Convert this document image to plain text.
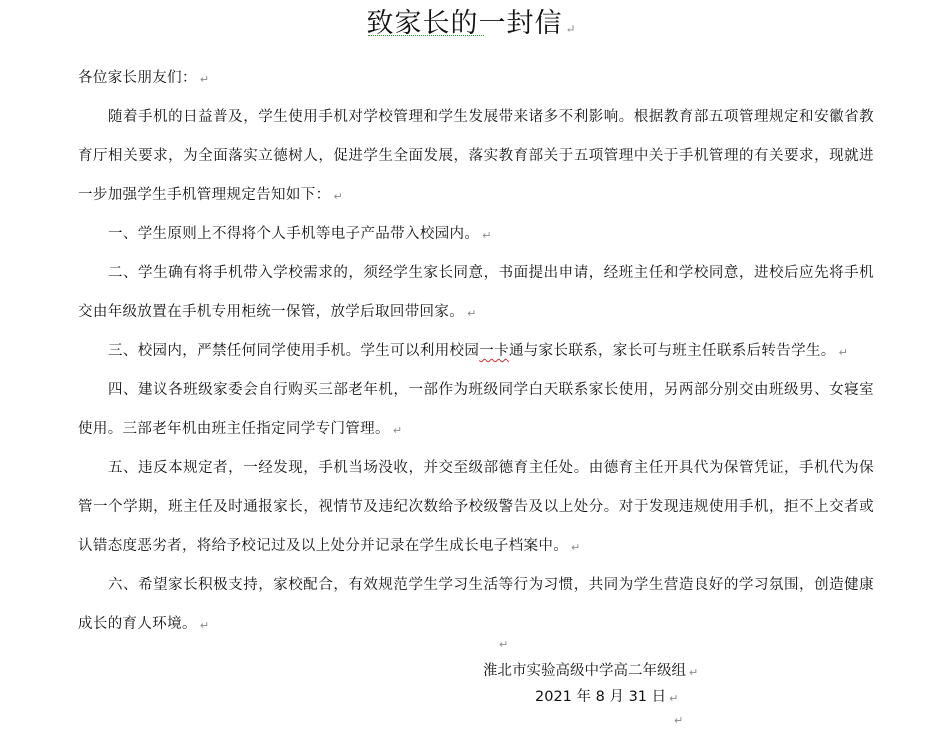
致家长的一封信 ↵

各位家长朋友们： ↵

随着手机的日益普及，学生使用手机对学校管理和学生发展带来诸多不利影响。根据教育部五项管理规定和安徽省教育厅相关要求，为全面落实立德树人，促进学生全面发展，落实教育部关于五项管理中关于手机管理的有关要求，现就进一步加强学生手机管理规定告知如下： ↵

一、学生原则上不得将个人手机等电子产品带入校园内。 ↵

二、学生确有将手机带入学校需求的，须经学生家长同意，书面提出申请，经班主任和学校同意，进校后应先将手机交由年级放置在手机专用柜统一保管，放学后取回带回家。 ↵

三、校园内，严禁任何同学使用手机。学生可以利用校园一卡通与家长联系，家长可与班主任联系后转告学生。 ↵

四、建议各班级家委会自行购买三部老年机，一部作为班级同学白天联系家长使用，另两部分别交由班级男、女寝室使用。三部老年机由班主任指定同学专门管理。 ↵

五、违反本规定者，一经发现，手机当场没收，并交至级部德育主任处。由德育主任开具代为保管凭证，手机代为保管一个学期，班主任及时通报家长，视情节及违纪次数给予校级警告及以上处分。对于发现违规使用手机，拒不上交者或认错态度恶劣者，将给予校记过及以上处分并记录在学生成长电子档案中。 ↵

六、希望家长积极支持，家校配合，有效规范学生学习生活等行为习惯，共同为学生营造良好的学习氛围，创造健康成长的育人环境。 ↵

↵
淮北市实验高级中学高二年级组 ↵
2021 年 8 月 31 日 ↵
↵
